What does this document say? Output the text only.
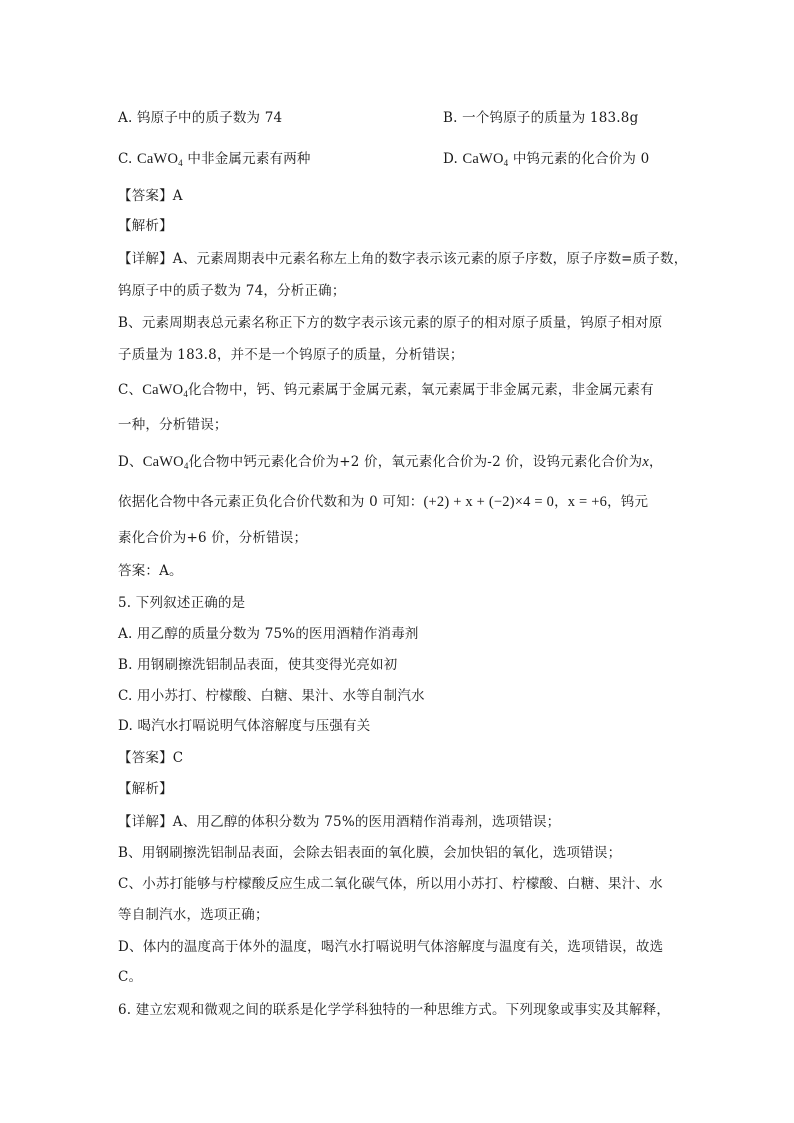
A. 钨原子中的质子数为 74	B. 一个钨原子的质量为 183.8g
C. CaWO$_4$ 中非金属元素有两种	D. CaWO$_4$ 中钨元素的化合价为 0
【答案】A
【解析】
【详解】A、元素周期表中元素名称左上角的数字表示该元素的原子序数，原子序数=质子数，
钨原子中的质子数为 74，分析正确；
B、元素周期表总元素名称正下方的数字表示该元素的原子的相对原子质量，钨原子相对原
子质量为 183.8，并不是一个钨原子的质量，分析错误；
C、CaWO$_4$化合物中，钙、钨元素属于金属元素，氧元素属于非金属元素，非金属元素有
一种，分析错误；
D、CaWO$_4$化合物中钙元素化合价为+2 价，氧元素化合价为-2 价，设钨元素化合价为x，
依据化合物中各元素正负化合价代数和为 0 可知：(+2) + x + (−2)×4 = 0，x = +6，钨元
素化合价为+6 价，分析错误；
答案：A。
5. 下列叙述正确的是
A. 用乙醇的质量分数为 75%的医用酒精作消毒剂
B. 用钢刷擦洗铝制品表面，使其变得光亮如初
C. 用小苏打、柠檬酸、白糖、果汁、水等自制汽水
D. 喝汽水打嗝说明气体溶解度与压强有关
【答案】C
【解析】
【详解】A、用乙醇的体积分数为 75%的医用酒精作消毒剂，选项错误；
B、用钢刷擦洗铝制品表面，会除去铝表面的氧化膜，会加快铝的氧化，选项错误；
C、小苏打能够与柠檬酸反应生成二氧化碳气体，所以用小苏打、柠檬酸、白糖、果汁、水
等自制汽水，选项正确；
D、体内的温度高于体外的温度，喝汽水打嗝说明气体溶解度与温度有关，选项错误，故选
C。
6. 建立宏观和微观之间的联系是化学学科独特的一种思维方式。下列现象或事实及其解释，
